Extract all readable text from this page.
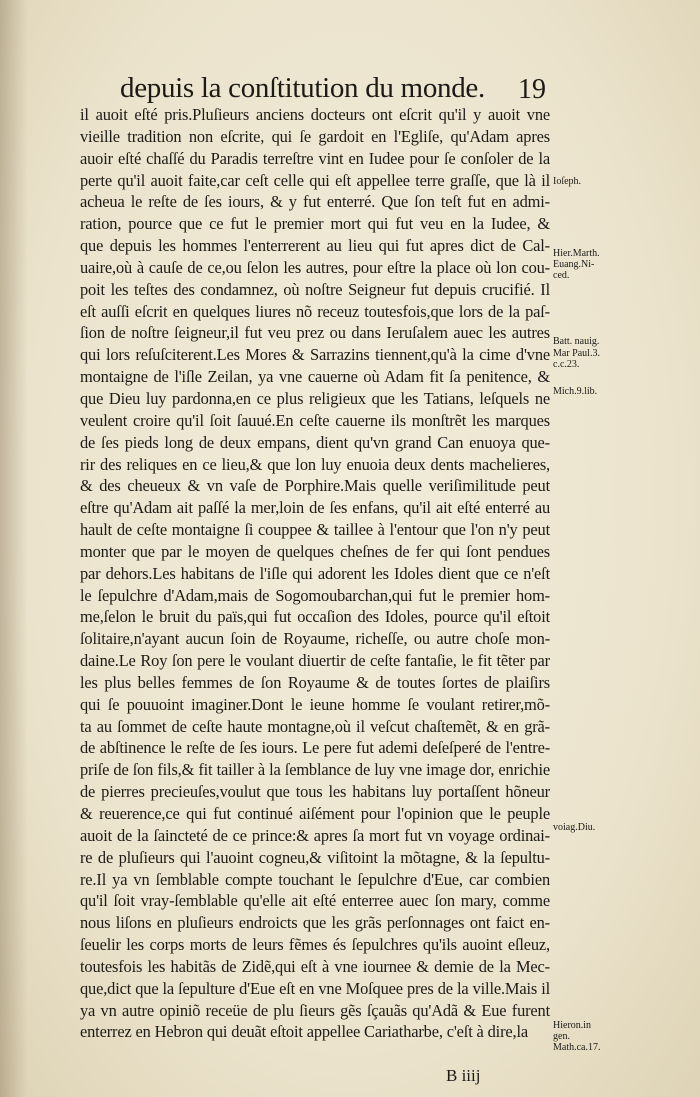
depuis la conſtitution du monde. 19
il auoit eſté pris.Pluſieurs anciens docteurs ont eſcrit qu'il y auoit vne
vieille tradition non eſcrite, qui ſe gardoit en l'Egliſe, qu'Adam apres
auoir eſté chaſſé du Paradis terreſtre vint en Iudee pour ſe conſoler de la
perte qu'il auoit faite,car ceſt celle qui eſt appellee terre graſſe, que là il
acheua le reſte de ſes iours, & y fut enterré. Que ſon teſt fut en admi-
ration, pource que ce fut le premier mort qui fut veu en la Iudee, &
que depuis les hommes l'enterrerent au lieu qui fut apres dict de Cal-
uaire,où à cauſe de ce,ou ſelon les autres, pour eſtre la place où lon cou-
poit les teſtes des condamnez, où noſtre Seigneur fut depuis crucifié. Il
eſt auſſi eſcrit en quelques liures nõ receuz toutesfois,que lors de la paſ-
ſion de noſtre ſeigneur,il fut veu prez ou dans Ieruſalem auec les autres
qui lors reſuſciterent.Les Mores & Sarrazins tiennent,qu'à la cime d'vne
montaigne de l'iſle Zeilan, ya vne cauerne où Adam fit ſa penitence, &
que Dieu luy pardonna,en ce plus religieux que les Tatians, leſquels ne
veulent croire qu'il ſoit ſauué.En ceſte cauerne ils monſtrẽt les marques
de ſes pieds long de deux empans, dient qu'vn grand Can enuoya que-
rir des reliques en ce lieu,& que lon luy enuoia deux dents machelieres,
& des cheueux & vn vaſe de Porphire.Mais quelle veriſimilitude peut
eſtre qu'Adam ait paſſé la mer,loin de ſes enfans, qu'il ait eſté enterré au
hault de ceſte montaigne ſi couppee & taillee à l'entour que l'on n'y peut
monter que par le moyen de quelques cheſnes de fer qui ſont pendues
par dehors.Les habitans de l'iſle qui adorent les Idoles dient que ce n'eſt
le ſepulchre d'Adam,mais de Sogomoubarchan,qui fut le premier hom-
me,ſelon le bruit du païs,qui fut occaſion des Idoles, pource qu'il eſtoit
ſolitaire,n'ayant aucun ſoin de Royaume, richeſſe, ou autre choſe mon-
daine.Le Roy ſon pere le voulant diuertir de ceſte fantaſie, le fit tẽter par
les plus belles femmes de ſon Royaume & de toutes ſortes de plaiſirs
qui ſe pouuoint imaginer.Dont le ieune homme ſe voulant retirer,mõ-
ta au ſommet de ceſte haute montagne,où il veſcut chaſtemẽt, & en grã-
de abſtinence le reſte de ſes iours. Le pere fut ademi deſeſperé de l'entre-
priſe de ſon fils,& fit tailler à la ſemblance de luy vne image dor, enrichie
de pierres precieuſes,voulut que tous les habitans luy portaſſent hõneur
& reuerence,ce qui fut continué aiſément pour l'opinion que le peuple
auoit de la ſaincteté de ce prince:& apres ſa mort fut vn voyage ordinai-
re de pluſieurs qui l'auoint cogneu,& viſitoint la mõtagne, & la ſepultu-
re.Il ya vn ſemblable compte touchant le ſepulchre d'Eue, car combien
qu'il ſoit vray-ſemblable qu'elle ait eſté enterree auec ſon mary, comme
nous liſons en pluſieurs endroicts que les grãs perſonnages ont faict en-
ſeuelir les corps morts de leurs fẽmes és ſepulchres qu'ils auoint eſleuz,
toutesfois les habitãs de Zidẽ,qui eſt à vne iournee & demie de la Mec-
que,dict que la ſepulture d'Eue eſt en vne Moſquee pres de la ville.Mais il
ya vn autre opiniõ receüe de plu ſieurs gẽs ſçauãs qu'Adã & Eue furent
enterrez en Hebron qui deuãt eſtoit appellee Cariatharbe, c'eſt à dire,la
Ioſeph.
Hier.Marth.
Euang.Ni-
ced.
Batt. nauig.
Mar Paul.3.
c.c.23.
Mich.9.lib.
voiag.Diu.
Hieron.in
gen.
Math.ca.17.
B iiij
